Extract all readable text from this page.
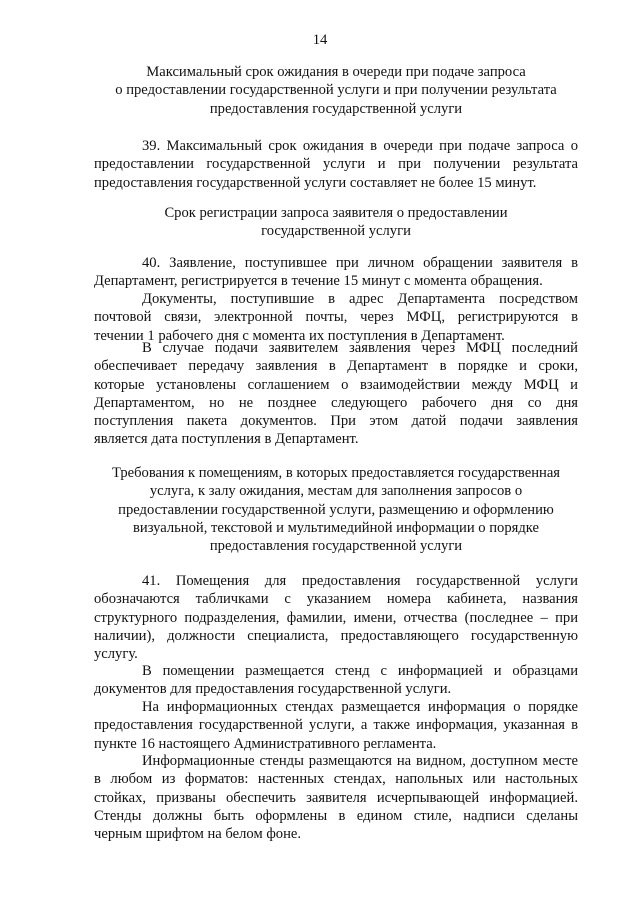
14
Максимальный срок ожидания в очереди при подаче запроса
о предоставлении государственной услуги и при получении результата
предоставления государственной услуги
39. Максимальный срок ожидания в очереди при подаче запроса о
предоставлении государственной услуги и при получении результата
предоставления государственной услуги составляет не более 15 минут.
Срок регистрации запроса заявителя о предоставлении
государственной услуги
40. Заявление, поступившее при личном обращении заявителя в
Департамент, регистрируется в течение 15 минут с момента обращения.
Документы, поступившие в адрес Департамента посредством
почтовой связи, электронной почты, через МФЦ, регистрируются в
течении 1 рабочего дня с момента их поступления в Департамент.
В случае подачи заявителем заявления через МФЦ последний
обеспечивает передачу заявления в Департамент в порядке и сроки,
которые установлены соглашением о взаимодействии между МФЦ и
Департаментом, но не позднее следующего рабочего дня со дня
поступления пакета документов. При этом датой подачи заявления
является дата поступления в Департамент.
Требования к помещениям, в которых предоставляется государственная
услуга, к залу ожидания, местам для заполнения запросов о
предоставлении государственной услуги, размещению и оформлению
визуальной, текстовой и мультимедийной информации о порядке
предоставления государственной услуги
41. Помещения для предоставления государственной услуги
обозначаются табличками с указанием номера кабинета, названия
структурного подразделения, фамилии, имени, отчества (последнее – при
наличии), должности специалиста, предоставляющего государственную
услугу.
В помещении размещается стенд с информацией и образцами
документов для предоставления государственной услуги.
На информационных стендах размещается информация о порядке
предоставления государственной услуги, а также информация, указанная в
пункте 16 настоящего Административного регламента.
Информационные стенды размещаются на видном, доступном месте
в любом из форматов: настенных стендах, напольных или настольных
стойках, призваны обеспечить заявителя исчерпывающей информацией.
Стенды должны быть оформлены в едином стиле, надписи сделаны
черным шрифтом на белом фоне.
